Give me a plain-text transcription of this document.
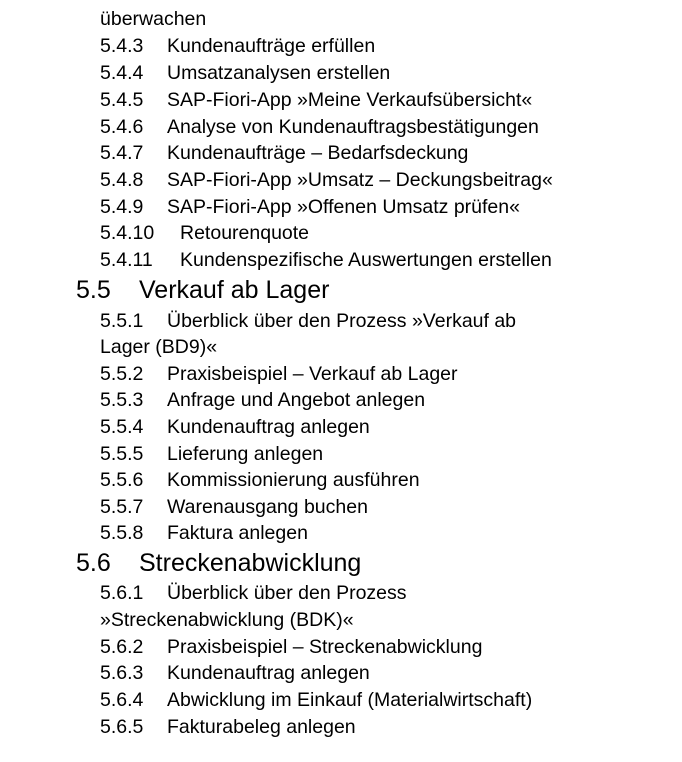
überwachen
5.4.3 Kundenaufträge erfüllen
5.4.4 Umsatzanalysen erstellen
5.4.5 SAP-Fiori-App »Meine Verkaufsübersicht«
5.4.6 Analyse von Kundenauftragsbestätigungen
5.4.7 Kundenaufträge – Bedarfsdeckung
5.4.8 SAP-Fiori-App »Umsatz – Deckungsbeitrag«
5.4.9 SAP-Fiori-App »Offenen Umsatz prüfen«
5.4.10 Retourenquote
5.4.11 Kundenspezifische Auswertungen erstellen
5.5 Verkauf ab Lager
5.5.1 Überblick über den Prozess »Verkauf ab
Lager (BD9)«
5.5.2 Praxisbeispiel – Verkauf ab Lager
5.5.3 Anfrage und Angebot anlegen
5.5.4 Kundenauftrag anlegen
5.5.5 Lieferung anlegen
5.5.6 Kommissionierung ausführen
5.5.7 Warenausgang buchen
5.5.8 Faktura anlegen
5.6 Streckenabwicklung
5.6.1 Überblick über den Prozess
»Streckenabwicklung (BDK)«
5.6.2 Praxisbeispiel – Streckenabwicklung
5.6.3 Kundenauftrag anlegen
5.6.4 Abwicklung im Einkauf (Materialwirtschaft)
5.6.5 Fakturabeleg anlegen
